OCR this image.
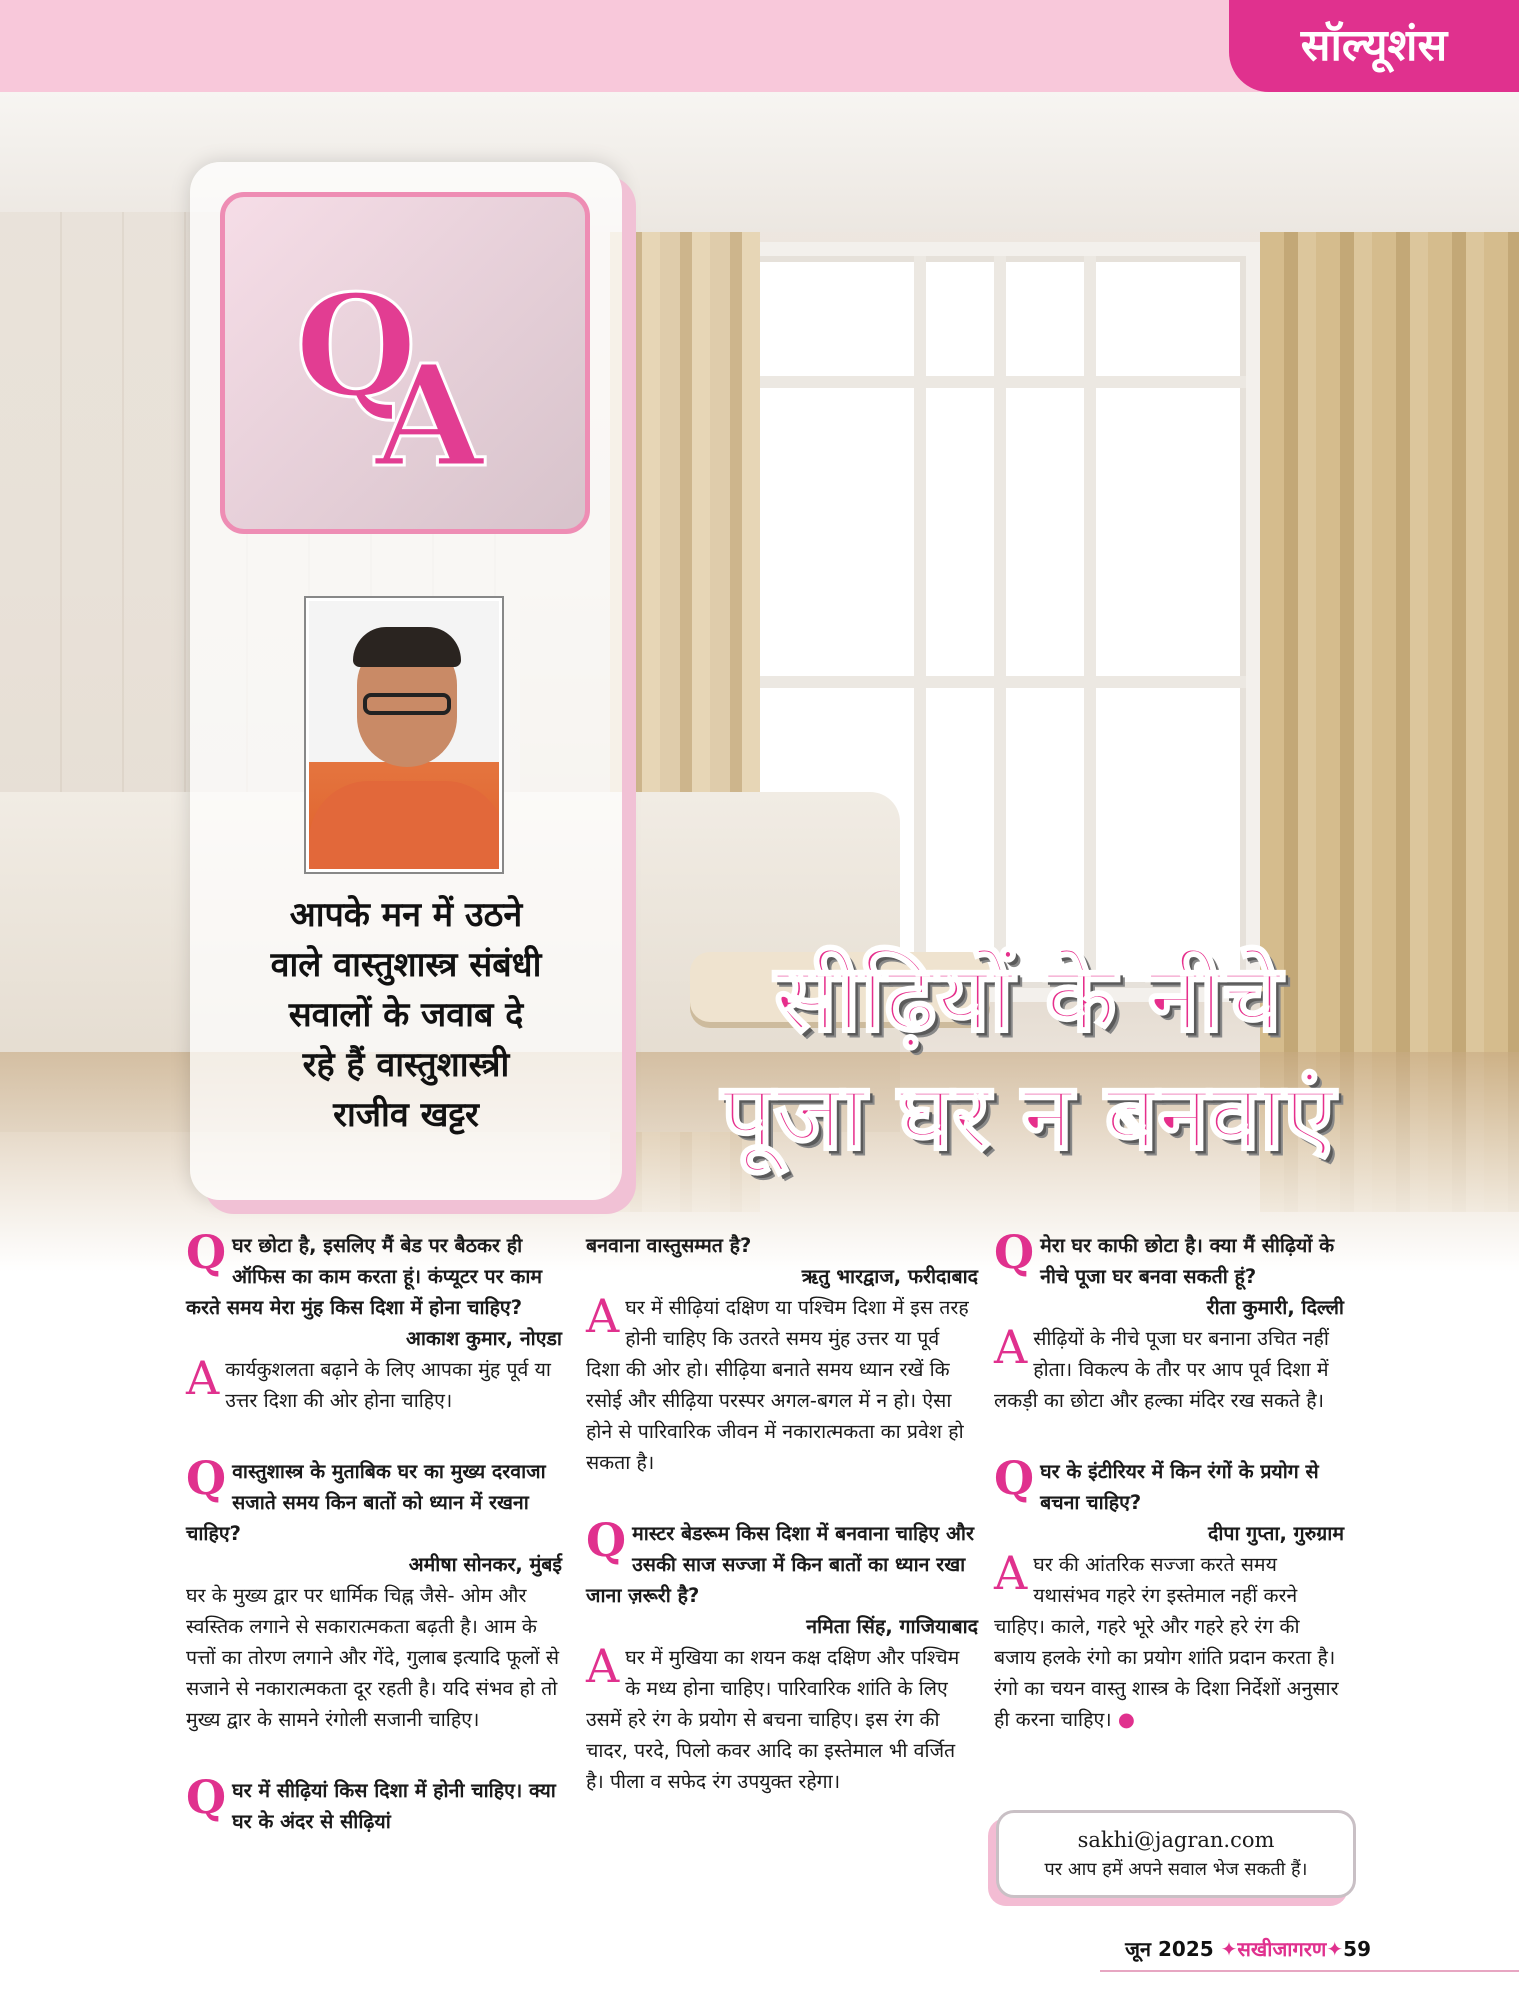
सॉल्यूशंस
Q
A
आपके मन में उठने
वाले वास्तुशास्त्र संबंधी
सवालों के जवाब दे
रहे हैं वास्तुशास्त्री
राजीव खट्टर
सीढ़ियों के नीचे
पूजा घर न बनवाएं

Qघर छोटा है, इसलिए मैं बेड पर बैठकर ही ऑफिस का काम करता हूं। कंप्यूटर पर काम करते समय मेरा मुंह किस दिशा में होना चाहिए?

आकाश कुमार, नोएडा

Aकार्यकुशलता बढ़ाने के लिए आपका मुंह पूर्व या उत्तर दिशा की ओर होना चाहिए।

Qवास्तुशास्त्र के मुताबिक घर का मुख्य दरवाजा सजाते समय किन बातों को ध्यान में रखना चाहिए?

अमीषा सोनकर, मुंबई

घर के मुख्य द्वार पर धार्मिक चिह्न जैसे- ओम और स्वस्तिक लगाने से सकारात्मकता बढ़ती है। आम के पत्तों का तोरण लगाने और गेंदे, गुलाब इत्यादि फूलों से सजाने से नकारात्मकता दूर रहती है। यदि संभव हो तो मुख्य द्वार के सामने रंगोली सजानी चाहिए।

Qघर में सीढ़ियां किस दिशा में होनी चाहिए। क्या घर के अंदर से सीढ़ियां

बनवाना वास्तुसम्मत है?

ऋतु भारद्वाज, फरीदाबाद

Aघर में सीढ़ियां दक्षिण या पश्चिम दिशा में इस तरह होनी चाहिए कि उतरते समय मुंह उत्तर या पूर्व दिशा की ओर हो। सीढ़िया बनाते समय ध्यान रखें कि रसोई और सीढ़िया परस्पर अगल-बगल में न हो। ऐसा होने से पारिवारिक जीवन में नकारात्मकता का प्रवेश हो सकता है।

Qमास्टर बेडरूम किस दिशा में बनवाना चाहिए और उसकी साज सज्जा में किन बातों का ध्यान रखा जाना ज़रूरी है?

नमिता सिंह, गाजियाबाद

Aघर में मुखिया का शयन कक्ष दक्षिण और पश्चिम के मध्य होना चाहिए। पारिवारिक शांति के लिए उसमें हरे रंग के प्रयोग से बचना चाहिए। इस रंग की चादर, परदे, पिलो कवर आदि का इस्तेमाल भी वर्जित है। पीला व सफेद रंग उपयुक्त रहेगा।

Qमेरा घर काफी छोटा है। क्या मैं सीढ़ियों के नीचे पूजा घर बनवा सकती हूं?

रीता कुमारी, दिल्ली

Aसीढ़ियों के नीचे पूजा घर बनाना उचित नहीं होता। विकल्प के तौर पर आप पूर्व दिशा में लकड़ी का छोटा और हल्का मंदिर रख सकते है।

Qघर के इंटीरियर में किन रंगों के प्रयोग से बचना चाहिए?

दीपा गुप्ता, गुरुग्राम

Aघर की आंतरिक सज्जा करते समय यथासंभव गहरे रंग इस्तेमाल नहीं करने चाहिए। काले, गहरे भूरे और गहरे हरे रंग की बजाय हलके रंगो का प्रयोग शांति प्रदान करता है। रंगो का चयन वास्तु शास्त्र के दिशा निर्देशों अनुसार ही करना चाहिए। ●

sakhi@jagran.com
पर आप हमें अपने सवाल भेज सकती हैं।
जून 2025 ✦सखीजागरण✦59
